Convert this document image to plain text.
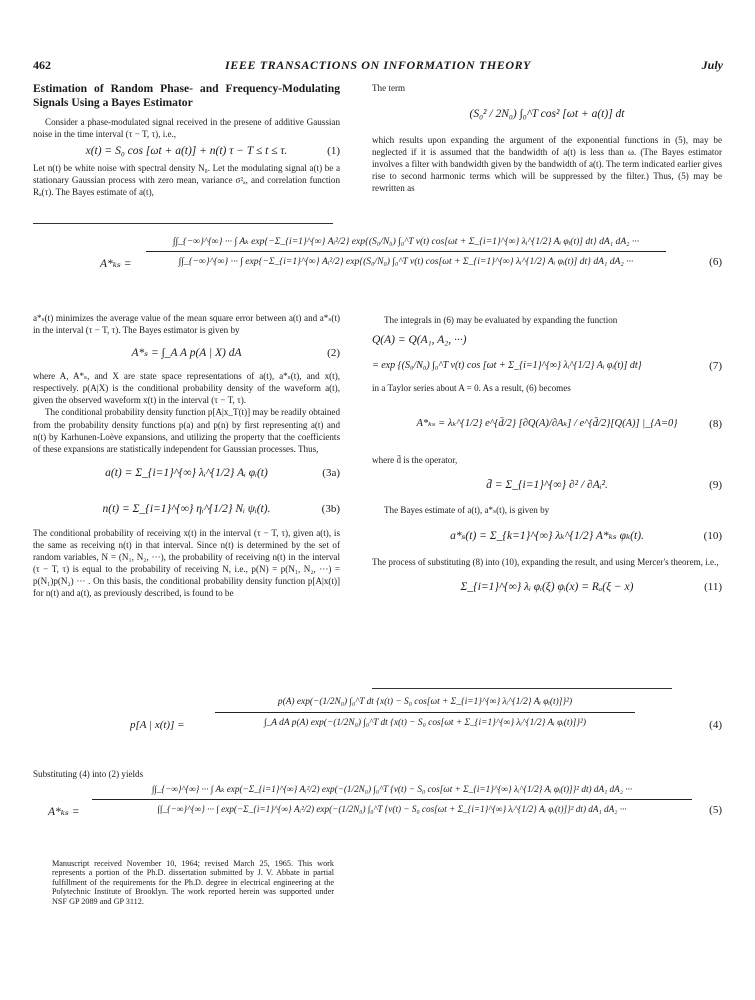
462	IEEE TRANSACTIONS ON INFORMATION THEORY	July

Estimation of Random Phase- and Frequency-Modulating Signals Using a Bayes Estimator

Consider a phase-modulated signal received in the presene of additive Gaussian noise in the time interval (τ − T, τ), i.e.,

x(t) = S₀ cos [ωt + a(t)] + n(t) τ − T ≤ t ≤ τ.	(1)

Let n(t) be white noise with spectral density N₀. Let the modulating signal a(t) be a stationary Gaussian process with zero mean, variance σ²ₐ, and correlation function Rₐ(τ). The Bayes estimate of a(t),

The term

(S₀² / 2N₀) ∫₀^T cos² [ωt + a(t)] dt

which results upon expanding the argument of the exponential functions in (5), may be neglected if it is assumed that the bandwidth of a(t) is less than ω. (The Bayes estimator involves a filter with bandwidth given by the bandwidth of a(t). The term indicated earlier gives rise to second harmonic terms which will be suppressed by the filter.) Thus, (5) may be rewritten as

A*ₖₛ =
∫∫_{−∞}^{∞} ··· ∫ Aₖ exp{−Σ_{i=1}^{∞} Aᵢ²/2} exp{(S₀/N₀) ∫₀^T v(t) cos[ωt + Σ_{i=1}^{∞} λᵢ^{1/2} Aᵢ φᵢ(t)] dt} dA₁ dA₂ ···
∫∫_{−∞}^{∞} ··· ∫ exp{−Σ_{i=1}^{∞} Aᵢ²/2} exp{(S₀/N₀) ∫₀^T v(t) cos[ωt + Σ_{i=1}^{∞} λᵢ^{1/2} Aᵢ φᵢ(t)] dt} dA₁ dA₂ ···	(6)

a*ₛ(t) minimizes the average value of the mean square error between a(t) and a*ₛ(t) in the interval (τ − T, τ). The Bayes estimator is given by

A*ₛ = ∫_A A p(A | X) dA	(2)

where A, A*ₛ, and X are state space representations of a(t), a*ₛ(t), and x(t), respectively. p(A|X) is the conditional probability density of the waveform a(t), given the observed waveform x(t) in the interval (τ − T, τ).

The conditional probability density function p[A|x_T(t)] may be readily obtained from the probability density functions p(a) and p(n) by first representing a(t) and n(t) by Karhunen-Loève expansions, and utilizing the property that the coefficients of these expansions are statistically independent for Gaussian processes. Thus,

a(t) = Σ_{i=1}^{∞} λᵢ^{1/2} Aᵢ φᵢ(t)	(3a)
n(t) = Σ_{i=1}^{∞} ηᵢ^{1/2} Nᵢ ψᵢ(t).	(3b)

The conditional probability of receiving x(t) in the interval (τ − T, τ), given a(t), is the same as receiving n(t) in that interval. Since n(t) is determined by the set of random variables, N = (N₁, N₂, ···), the probability of receiving n(t) in the interval (τ − T, τ) is equal to the probability of receiving N, i.e., p(N) = p(N₁, N₂, ···) = p(N₁)p(N₂) ··· . On this basis, the conditional probability density function p[A|x(t)] for n(t) and a(t), as previously described, is found to be

The integrals in (6) may be evaluated by expanding the function

Q(A) = Q(A₁, A₂, ···)
= exp {(S₀/N₀) ∫₀^T v(t) cos [ωt + Σ_{i=1}^{∞} λᵢ^{1/2} Aᵢ φᵢ(t)] dt}	(7)

in a Taylor series about A = 0. As a result, (6) becomes

A*ₖₛ = λₖ^{1/2} e^{d̄/2} [∂Q(A)/∂Aₖ] / e^{d̄/2}[Q(A)] |_{A=0}	(8)

where d̄ is the operator,

d̄ = Σ_{i=1}^{∞} ∂² / ∂Aᵢ².	(9)

The Bayes estimate of a(t), a*ₛ(t), is given by

a*ₛ(t) = Σ_{k=1}^{∞} λₖ^{1/2} A*ₖₛ φₖ(t).	(10)

The process of substituting (8) into (10), expanding the result, and using Mercer's theorem, i.e.,

Σ_{i=1}^{∞} λᵢ φᵢ(ξ) φᵢ(x) = Rₐ(ξ − x)	(11)
p[A | x(t)] =
p(A) exp(−(1/2N₀) ∫₀^T dt {x(t) − S₀ cos[ωt + Σ_{i=1}^{∞} λᵢ^{1/2} Aᵢ φᵢ(t)]}²)
∫_A dA p(A) exp(−(1/2N₀) ∫₀^T dt {x(t) − S₀ cos[ωt + Σ_{i=1}^{∞} λᵢ^{1/2} Aᵢ φᵢ(t)]}²)	(4)
Substituting (4) into (2) yields
A*ₖₛ =
∫∫_{−∞}^{∞} ··· ∫ Aₖ exp(−Σ_{i=1}^{∞} Aᵢ²/2) exp(−(1/2N₀) ∫₀^T {v(t) − S₀ cos[ωt + Σ_{i=1}^{∞} λᵢ^{1/2} Aᵢ φᵢ(t)]}² dt) dA₁ dA₂ ···
∫∫_{−∞}^{∞} ··· ∫ exp(−Σ_{i=1}^{∞} Aᵢ²/2) exp(−(1/2N₀) ∫₀^T {v(t) − S₀ cos[ωt + Σ_{i=1}^{∞} λᵢ^{1/2} Aᵢ φᵢ(t)]}² dt) dA₁ dA₂ ···	(5)
Manuscript received November 10, 1964; revised March 25, 1965. This work represents a portion of the Ph.D. dissertation submitted by J. V. Abbate in partial fulfillment of the requirements for the Ph.D. degree in electrical engineering at the Polytechnic Institute of Brooklyn. The work reported herein was supported under NSF GP 2089 and GP 3112.
